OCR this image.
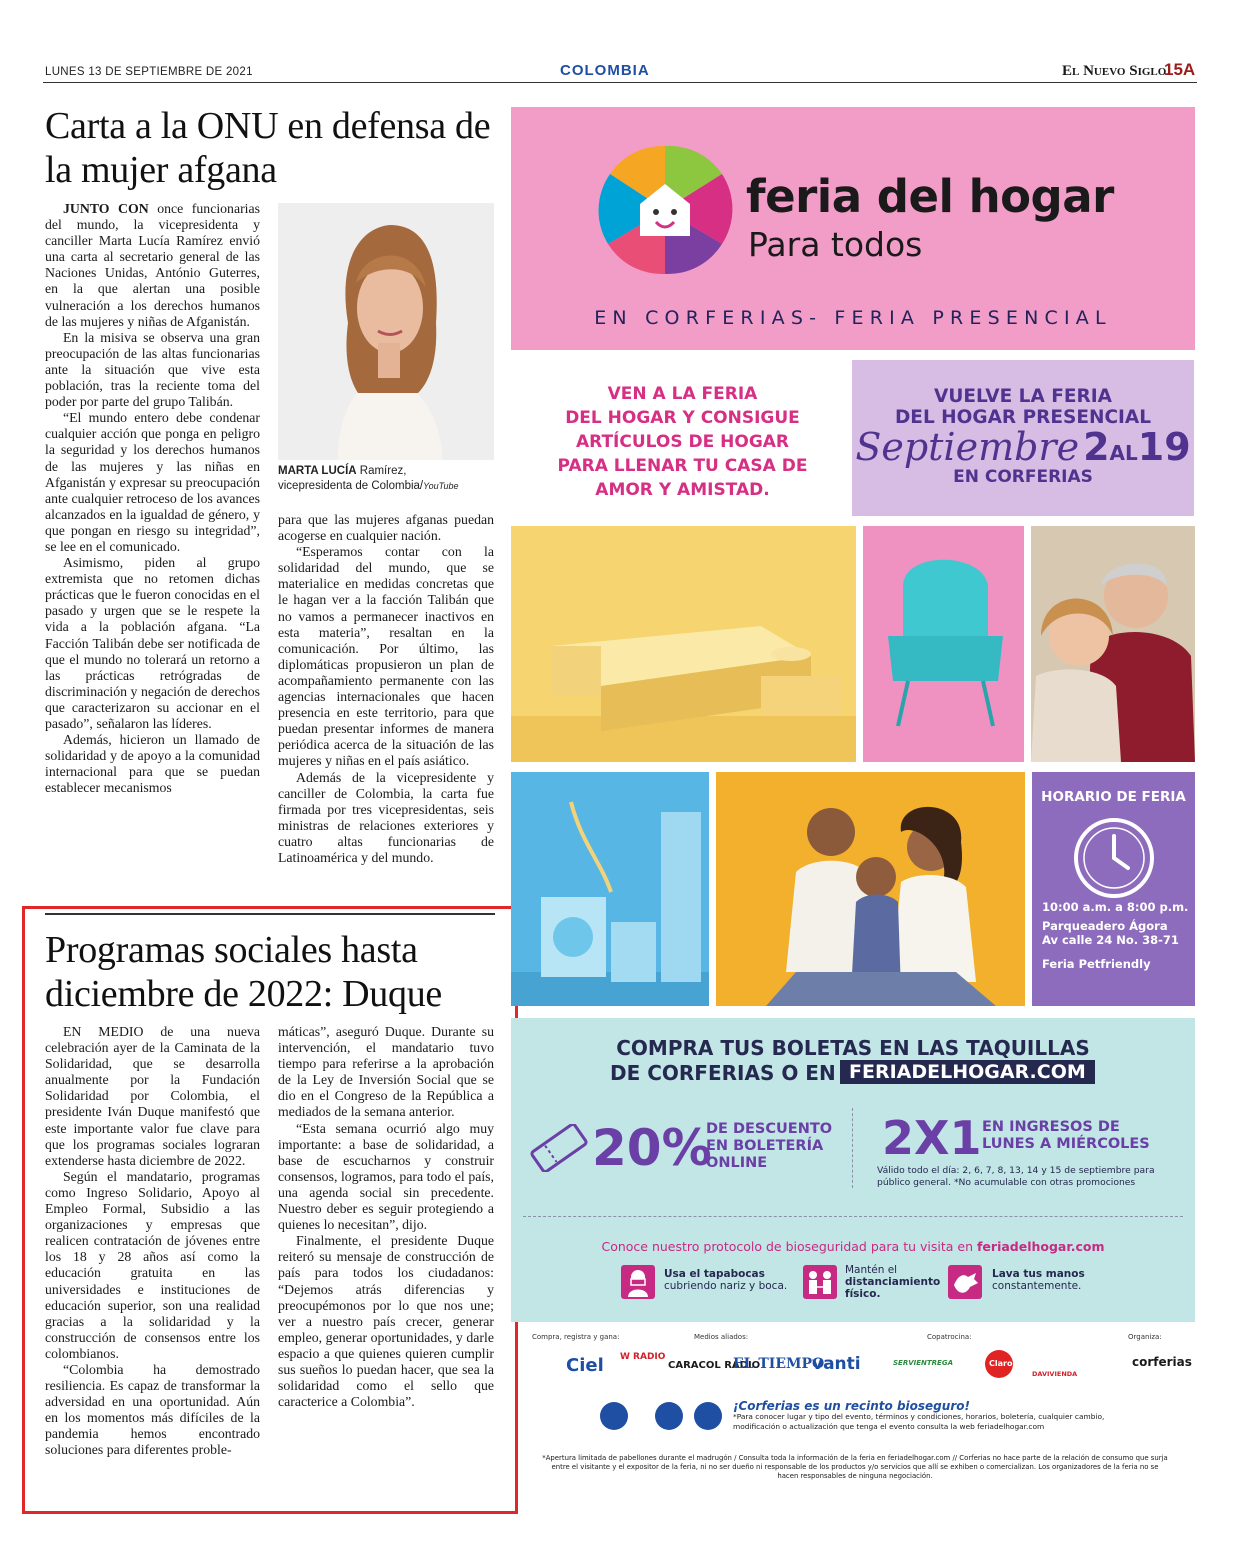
LUNES 13 DE SEPTIEMBRE DE 2021	COLOMBIA	El Nuevo Siglo
15A
Carta a la ONU en defensa de la mujer afgana

JUNTO CON once funcionarias del mundo, la vicepresidenta y canciller Marta Lucía Ramírez envió una carta al secretario general de las Naciones Unidas, António Guterres, en la que alertan una posible vulneración a los derechos humanos de las mujeres y niñas de Afganistán.

En la misiva se observa una gran preocupación de las altas funcionarias ante la situación que vive esta población, tras la reciente toma del poder por parte del grupo Talibán.

“El mundo entero debe condenar cualquier acción que ponga en peligro la seguridad y los derechos humanos de las mujeres y las niñas en Afganistán y expresar su preocupación ante cualquier retroceso de los avances alcanzados en la igualdad de género, y que pongan en riesgo su integridad”, se lee en el comunicado.

Asimismo, piden al grupo extremista que no retomen dichas prácticas que le fueron conocidas en el pasado y urgen que se le respete la vida a la población afgana. “La Facción Talibán debe ser notificada de que el mundo no tolerará un retorno a las prácticas retrógradas de discriminación y negación de derechos que caracterizaron su accionar en el pasado”, señalaron las líderes.

Además, hicieron un llamado de solidaridad y de apoyo a la comunidad internacional para que se puedan establecer mecanismos

MARTA LUCÍA Ramírez,
vicepresidenta de Colombia/YouTube

para que las mujeres afganas puedan acogerse en cualquier nación.

“Esperamos contar con la solidaridad del mundo, que se materialice en medidas concretas que le hagan ver a la facción Talibán que no vamos a permanecer inactivos en esta materia”, resaltan en la comunicación. Por último, las diplomáticas propusieron un plan de acompañamiento permanente con las agencias internacionales que hacen presencia en este territorio, para que puedan presentar informes de manera periódica acerca de la situación de las mujeres y niñas en el país asiático.

Además de la vicepresidente y canciller de Colombia, la carta fue firmada por tres vicepresidentas, seis ministras de relaciones exteriores y cuatro altas funcionarias de Latinoamérica y del mundo.

Programas sociales hasta diciembre de 2022: Duque

EN MEDIO de una nueva celebración ayer de la Caminata de la Solidaridad, que se desarrolla anualmente por la Fundación Solidaridad por Colombia, el presidente Iván Duque manifestó que este importante valor fue clave para que los programas sociales lograran extenderse hasta diciembre de 2022.

Según el mandatario, programas como Ingreso Solidario, Apoyo al Empleo Formal, Subsidio a las organizaciones y empresas que realicen contratación de jóvenes entre los 18 y 28 años así como la educación gratuita en las universidades e instituciones de educación superior, son una realidad gracias a la solidaridad y la construcción de consensos entre los colombianos.

“Colombia ha demostrado resiliencia. Es capaz de transformar la adversidad en una oportunidad. Aún en los momentos más difíciles de la pandemia hemos encontrado soluciones para diferentes proble-

máticas”, aseguró Duque. Durante su intervención, el mandatario tuvo tiempo para referirse a la aprobación de la Ley de Inversión Social que se dio en el Congreso de la República a mediados de la semana anterior.

“Esta semana ocurrió algo muy importante: a base de solidaridad, a base de escucharnos y construir consensos, logramos, para todo el país, una agenda social sin precedente. Nuestro deber es seguir protegiendo a quienes lo necesitan”, dijo.

Finalmente, el presidente Duque reiteró su mensaje de construcción de país para todos los ciudadanos: “Dejemos atrás diferencias y preocupémonos por lo que nos une; ver a nuestro país crecer, generar empleo, generar oportunidades, y darle espacio a que quienes quieren cumplir sus sueños lo puedan hacer, que sea la solidaridad como el sello que caracterice a Colombia”.

feria del hogar
Para todos
EN CORFERIAS- FERIA PRESENCIAL
VEN A LA FERIA
DEL HOGAR Y CONSIGUE
ARTÍCULOS DE HOGAR
PARA LLENAR TU CASA DE
AMOR Y AMISTAD.
VUELVE LA FERIA
DEL HOGAR PRESENCIAL
Septiembre 2AL19
EN CORFERIAS
HORARIO DE FERIA
10:00 a.m. a 8:00 p.m.
Parqueadero Ágora
Av calle 24 No. 38-71
Feria Petfriendly
COMPRA TUS BOLETAS EN LAS TAQUILLAS
DE CORFERIAS O EN FERIADELHOGAR.COM
20%
DE DESCUENTO
EN BOLETERÍA
ONLINE	2X1 EN INGRESOS DE
LUNES A MIÉRCOLES
Válido todo el día: 2, 6, 7, 8, 13, 14 y 15 de septiembre para público general. *No acumulable con otras promociones
Conoce nuestro protocolo de bioseguridad para tu visita en feriadelhogar.com
Usa el tapabocas
cubriendo nariz y boca.
Mantén el
distanciamiento
físico.
Lava tus manos
constantemente.
Compra, registra y gana:	Medios aliados:	Copatrocina:	Organiza:
Ciel W RADIO
CARACOL RADIO
EL TIEMPO
vanti	SERVIENTREGA	Claro
DAVIVIENDA
corferias
¡Corferias es un recinto bioseguro!
*Para conocer lugar y tipo del evento, términos y condiciones, horarios, boletería, cualquier cambio, modificación o actualización que tenga el evento consulta la web feriadelhogar.com
*Apertura limitada de pabellones durante el madrugón / Consulta toda la información de la feria en feriadelhogar.com // Corferias no hace parte de la relación de consumo que surja entre el visitante y el expositor de la feria, ni no ser dueño ni responsable de los productos y/o servicios que allí se exhiben o comercializan. Los organizadores de la feria no se hacen responsables de ninguna negociación.
